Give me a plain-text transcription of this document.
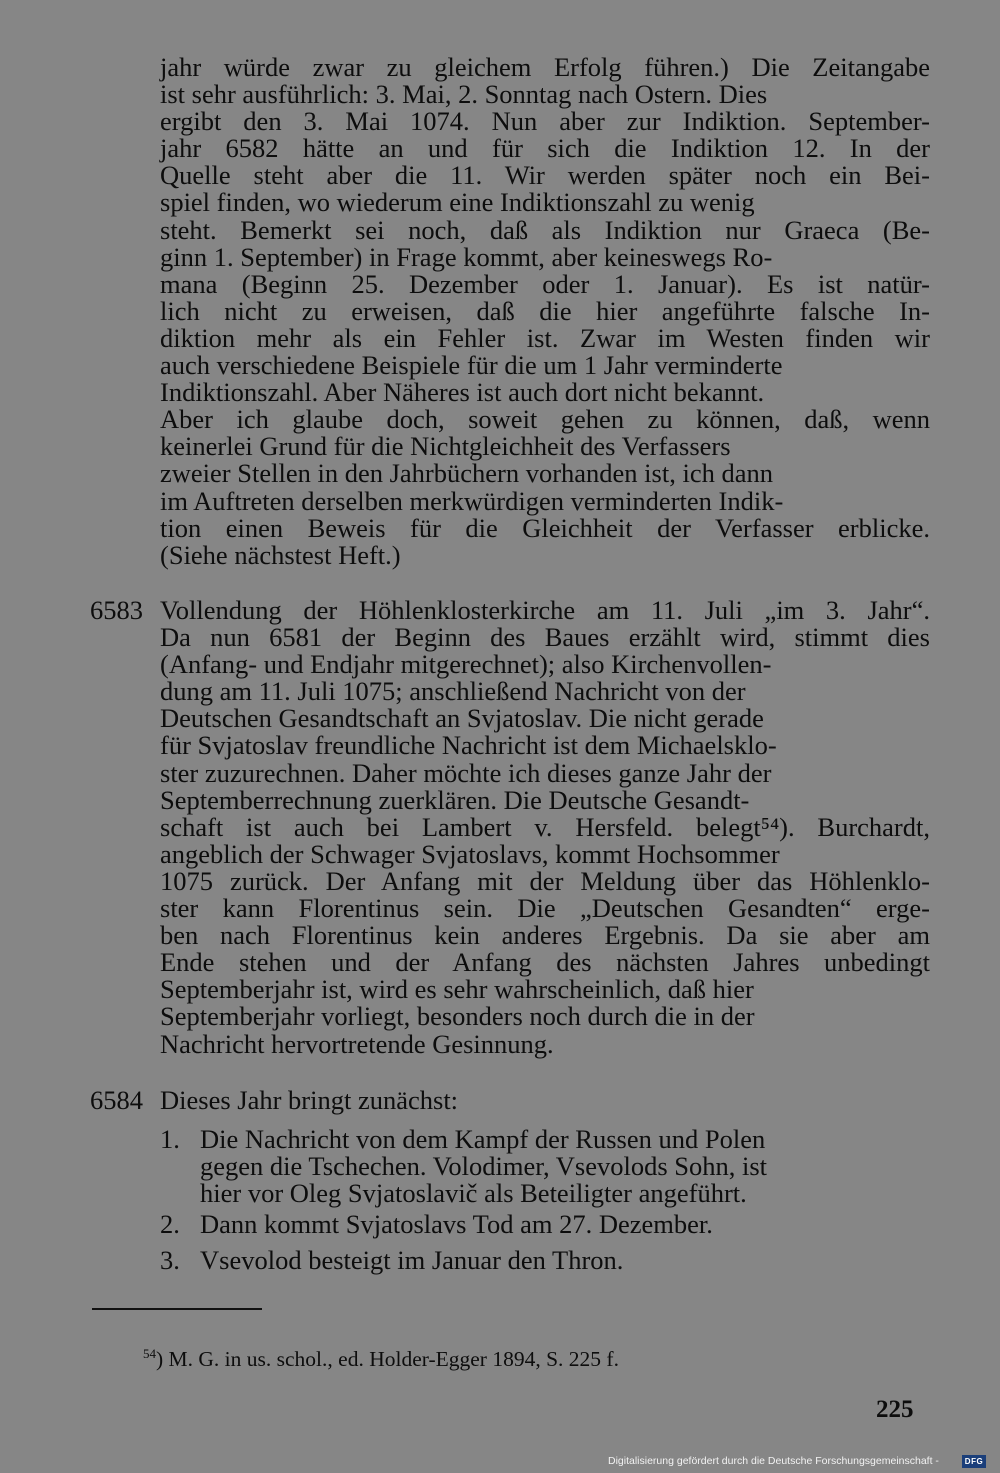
jahr würde zwar zu gleichem Erfolg führen.) Die Zeitangabe
ist sehr ausführlich: 3. Mai, 2. Sonntag nach Ostern. Dies
ergibt den 3. Mai 1074. Nun aber zur Indiktion. September-
jahr 6582 hätte an und für sich die Indiktion 12. In der
Quelle steht aber die 11. Wir werden später noch ein Bei-
spiel finden, wo wiederum eine Indiktionszahl zu wenig
steht. Bemerkt sei noch, daß als Indiktion nur Graeca (Be-
ginn 1. September) in Frage kommt, aber keineswegs Ro-
mana (Beginn 25. Dezember oder 1. Januar). Es ist natür-
lich nicht zu erweisen, daß die hier angeführte falsche In-
diktion mehr als ein Fehler ist. Zwar im Westen finden wir
auch verschiedene Beispiele für die um 1 Jahr verminderte
Indiktionszahl. Aber Näheres ist auch dort nicht bekannt.
Aber ich glaube doch, soweit gehen zu können, daß, wenn
keinerlei Grund für die Nichtgleichheit des Verfassers
zweier Stellen in den Jahrbüchern vorhanden ist, ich dann
im Auftreten derselben merkwürdigen verminderten Indik-
tion einen Beweis für die Gleichheit der Verfasser erblicke.
(Siehe nächstest Heft.)
6583 Vollendung der Höhlenklosterkirche am 11. Juli „im 3. Jahr“.
Da nun 6581 der Beginn des Baues erzählt wird, stimmt dies
(Anfang- und Endjahr mitgerechnet); also Kirchenvollen-
dung am 11. Juli 1075; anschließend Nachricht von der
Deutschen Gesandtschaft an Svjatoslav. Die nicht gerade
für Svjatoslav freundliche Nachricht ist dem Michaelsklo-
ster zuzurechnen. Daher möchte ich dieses ganze Jahr der
Septemberrechnung zuerklären. Die Deutsche Gesandt-
schaft ist auch bei Lambert v. Hersfeld. belegt⁵⁴). Burchardt,
angeblich der Schwager Svjatoslavs, kommt Hochsommer
1075 zurück. Der Anfang mit der Meldung über das Höhlenklo-
ster kann Florentinus sein. Die „Deutschen Gesandten“ erge-
ben nach Florentinus kein anderes Ergebnis. Da sie aber am
Ende stehen und der Anfang des nächsten Jahres unbedingt
Septemberjahr ist, wird es sehr wahrscheinlich, daß hier
Septemberjahr vorliegt, besonders noch durch die in der
Nachricht hervortretende Gesinnung.
6584 Dieses Jahr bringt zunächst:
1. Die Nachricht von dem Kampf der Russen und Polen
gegen die Tschechen. Volodimer, Vsevolods Sohn, ist
hier vor Oleg Svjatoslavič als Beteiligter angeführt.
2. Dann kommt Svjatoslavs Tod am 27. Dezember.
3. Vsevolod besteigt im Januar den Thron.
$^{54}$) M. G. in us. schol., ed. Holder-Egger 1894, S. 225 f.
225
Digitalisierung gefördert durch die Deutsche Forschungsgemeinschaft -	DFG
